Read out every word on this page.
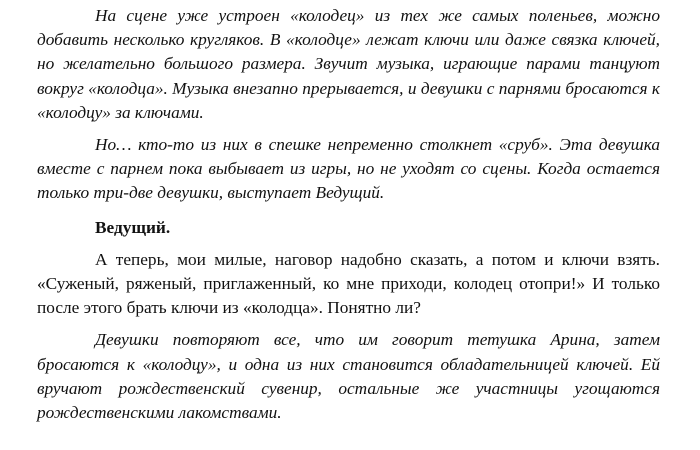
На сцене уже устроен «колодец» из тех же самых поленьев, можно добавить несколько кругляков. В «колодце» лежат ключи или даже связка ключей, но желательно большого размера. Звучит музыка, играющие парами танцуют вокруг «колодца». Музыка внезапно прерывается, и девушки с парнями бросаются к «колодцу» за ключами.

Но… кто-то из них в спешке непременно столкнет «сруб». Эта девушка вместе с парнем пока выбывает из игры, но не уходят со сцены. Когда остается только три-две девушки, выступает Ведущий.

Ведущий.

А теперь, мои милые, наговор надобно сказать, а потом и ключи взять. «Суженый, ряженый, приглаженный, ко мне приходи, колодец отопри!» И только после этого брать ключи из «колодца». Понятно ли?

Девушки повторяют все, что им говорит тетушка Арина, затем бросаются к «колодцу», и одна из них становится обладательницей ключей. Ей вручают рождественский сувенир, остальные же участницы угощаются рождественскими лакомствами.
